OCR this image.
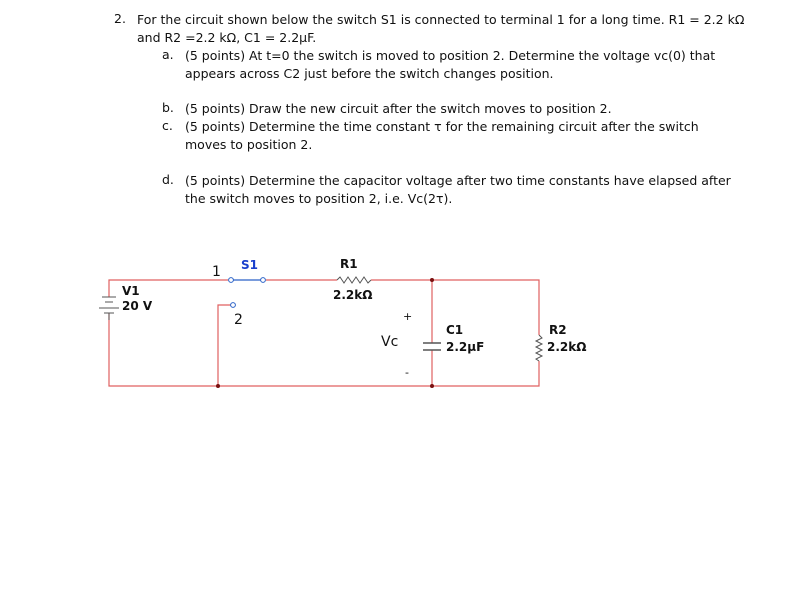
2. For the circuit shown below the switch S1 is connected to terminal 1 for a long time. R1 = 2.2 kΩ
and R2 =2.2 kΩ, C1 = 2.2µF.
a. (5 points) At t=0 the switch is moved to position 2. Determine the voltage vc(0) that
appears across C2 just before the switch changes position.
b. (5 points) Draw the new circuit after the switch moves to position 2.
c. (5 points) Determine the time constant τ for the remaining circuit after the switch
moves to position 2.
d. (5 points) Determine the capacitor voltage after two time constants have elapsed after
the switch moves to position 2, i.e. Vc(2τ).
V1
20 V
S1
1
2
R1
2.2kΩ
+
Vc
-
C1
2.2µF
R2
2.2kΩ
